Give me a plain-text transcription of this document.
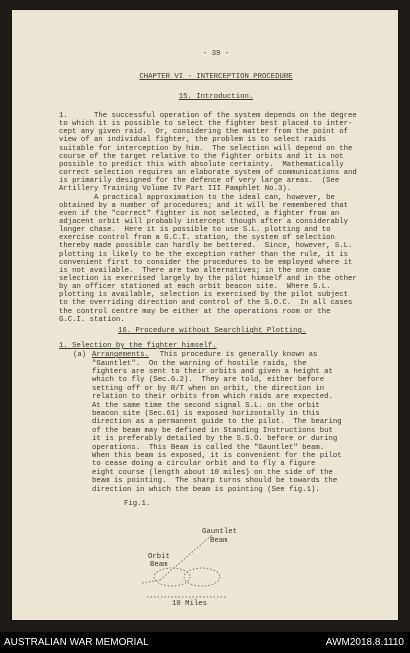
- 39 -
CHAPTER VI - INTERCEPTION PROCEDURE
15. Introduction.
1.      The successful operation of the system depends on the degree
to which it is possible to select the fighter best placed to inter-
cept any given raid.  Or, considering the matter from the point of
view of an individual fighter, the problem is to select raids
suitable for interception by him.  The selection will depend on the
course of the target relative to the fighter orbits and it is not
possible to predict this with absolute certainty.  Mathematically
correct selection requires an elaborate system of communications and
is primarily designed for the defence of very large areas.  (See
Artillery Training Volume IV Part III Pamphlet No.3).
A practical approximation to the ideal can, however, be
obtained by a number of procedures; and it will be remembered that
even if the "correct" fighter is not selected, a fighter from an
adjacent orbit will probably intercept though after a considerably
longer chase.  Here it is possible to use S.L. plotting and to
exercise control from a G.C.I. station, the system of selection
thereby made possible can hardly be bettered.  Since, however, S.L.
plotting is likely to be the exception rather than the rule, it is
convenient first to consider the procedures to be employed where it
is not available.  There are two alternatives; in the one case
selection is exercised largely by the pilot himself and in the other
by an officer stationed at each orbit beacon site.  Where S.L.
plotting is available, selection is exercised by the pilot subject
to the overriding direction and control of the S.O.C.  In all cases
the control centre may be either at the operations room or the
G.C.I. station.
16. Procedure without Searchlight Plotting.
1. Selection by the fighter himself.
(a) Arrangements. This procedure is generally known as
"Gauntlet".  On the warning of hostile raids, the
fighters are sent to their orbits and given a height at
which to fly (Sec.6.2).  They are told, either before
setting off or by R/T when on orbit, the direction in
relation to their orbits from which raids are expected.
At the same time the second signal S.L. on the orbit
beacon site (Sec.61) is exposed horizontally in this
direction as a permanent guide to the pilot.  The bearing
of the beam may be defined in Standing Instructions but
it is preferably detailed by the S.S.O. before or during
operations.  This Beam is called the "Gauntlet" beam.
When this beam is exposed, it is convenient for the pilot
to cease doing a circular orbit and to fly a figure
eight course (length about 10 miles) on the side of the
beam is pointing.  The sharp turns should be towards the
direction in which the beam is pointing (See fig.1).
Fig.1.
Gauntlet
Beam
Orbit
Beam
10 Miles
AUSTRALIAN WAR MEMORIAL	AWM2018.8.1110
